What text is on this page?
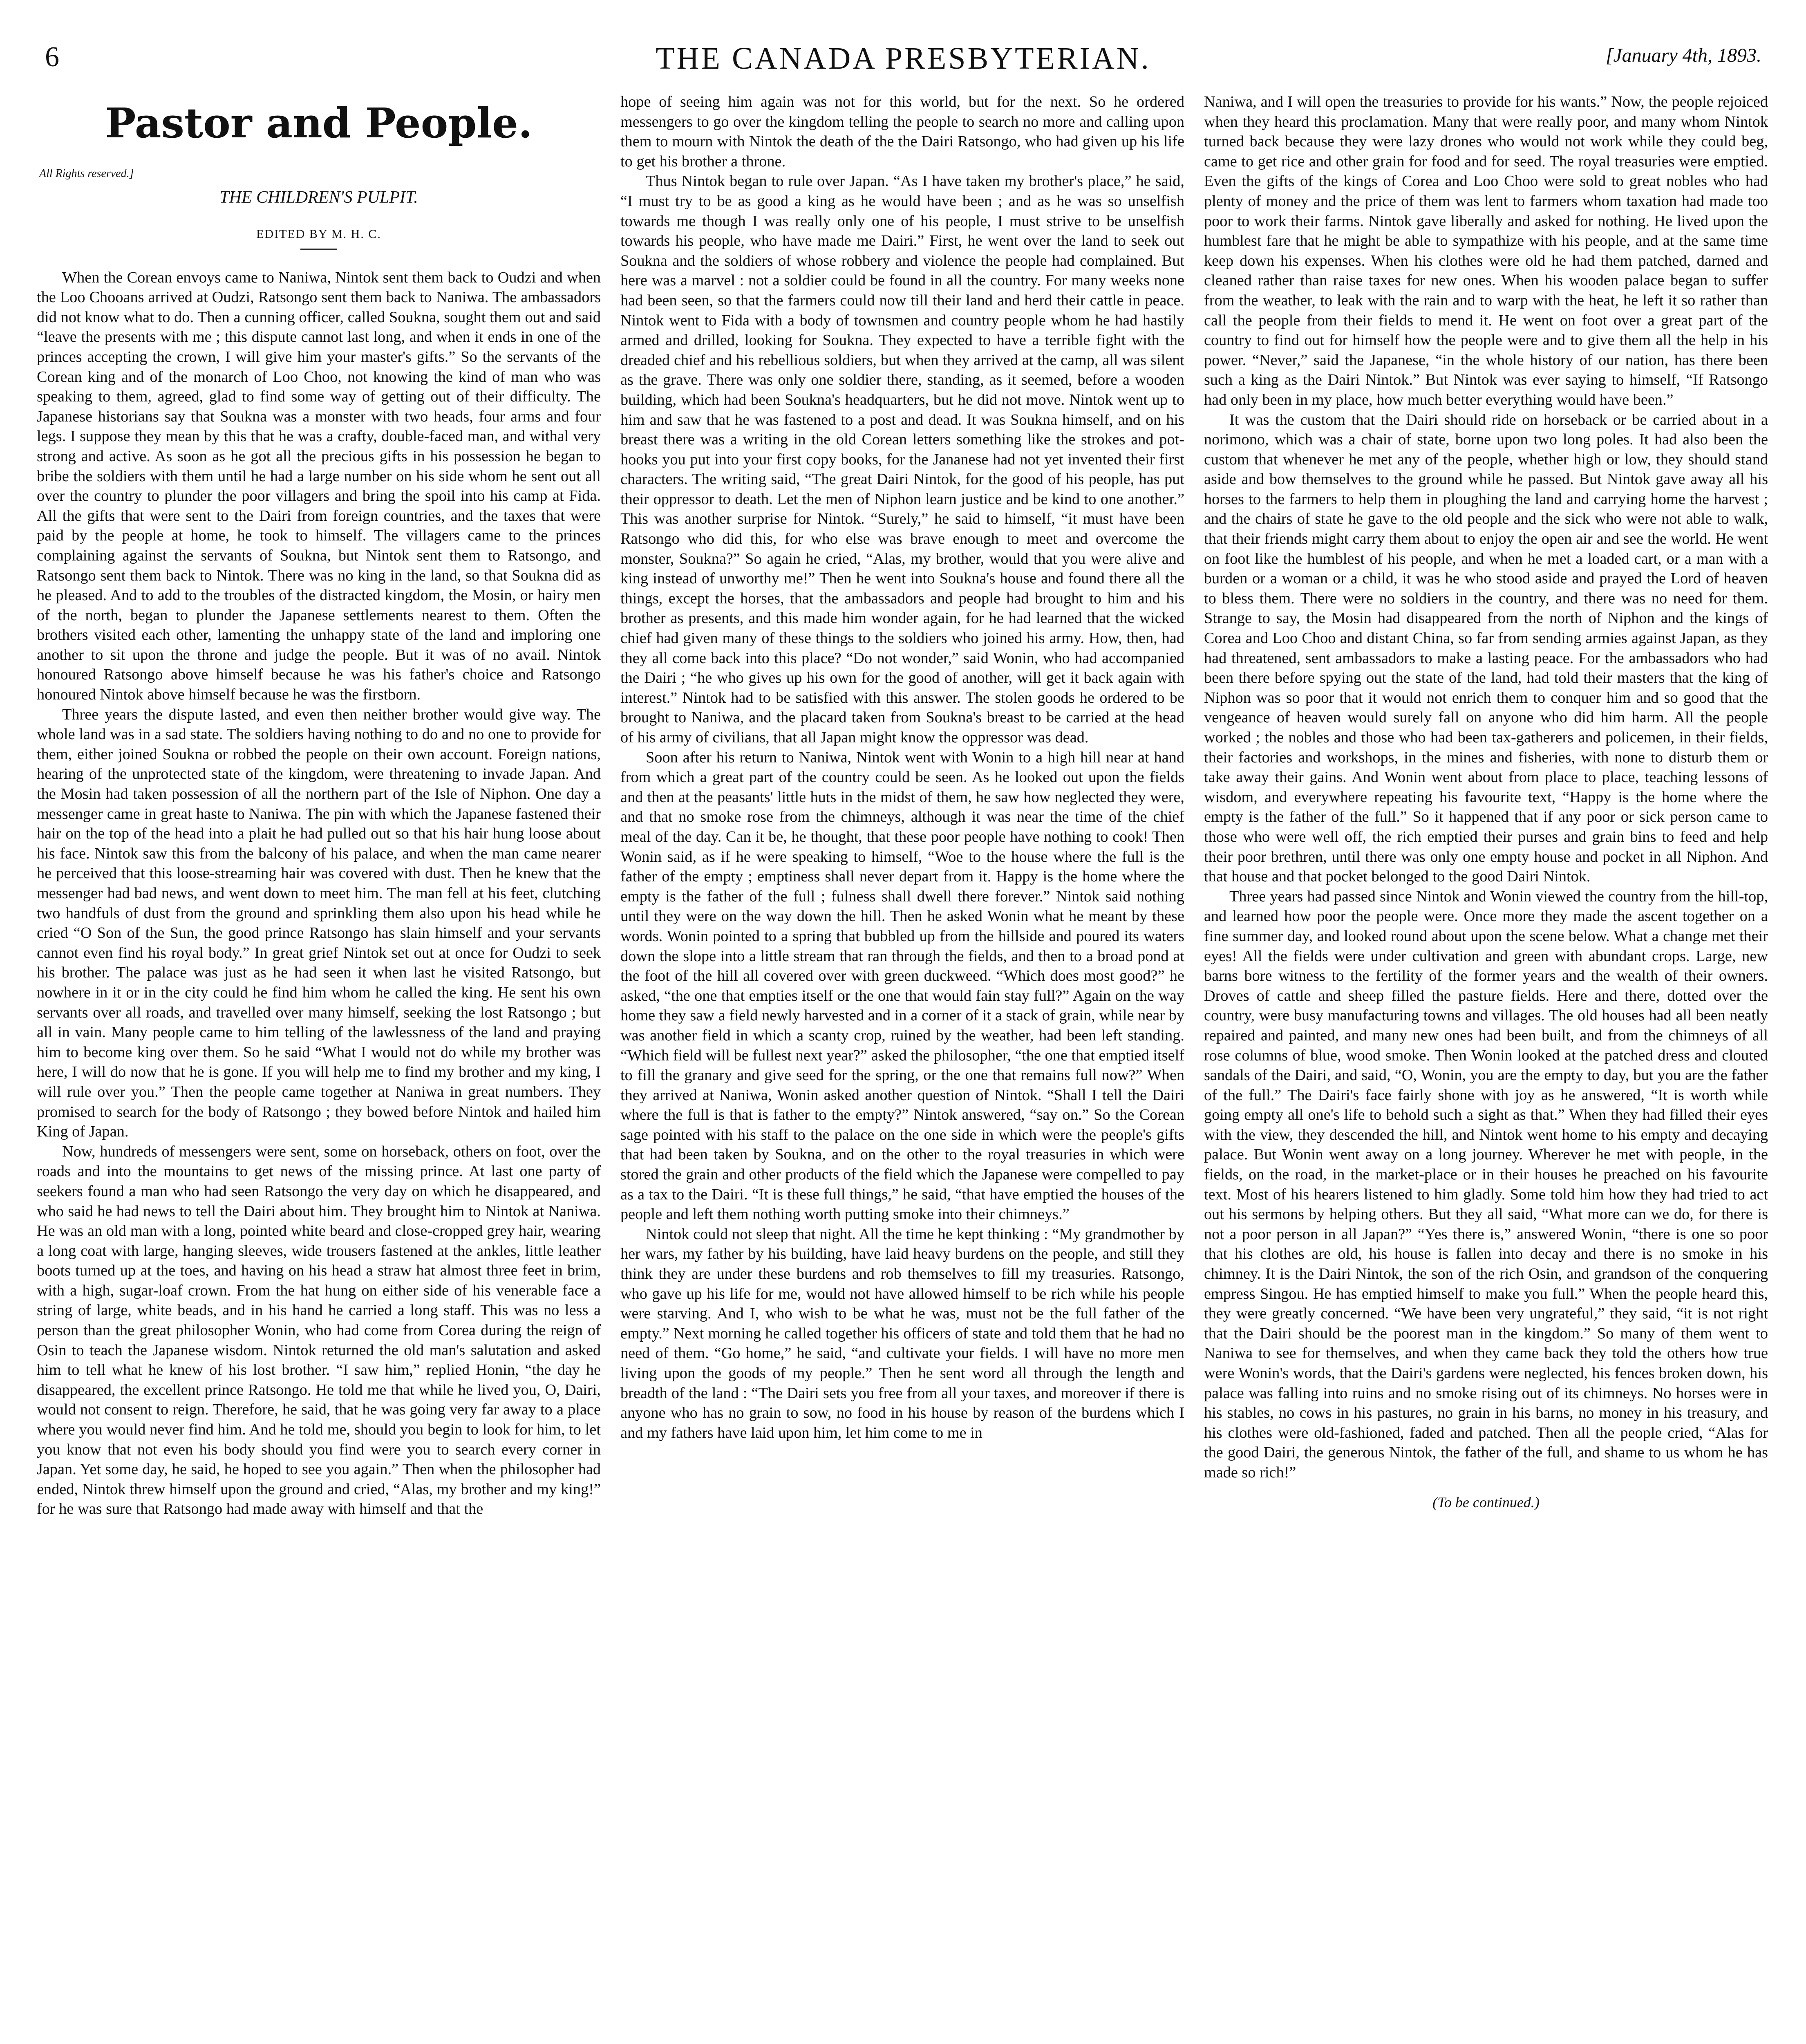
6	THE CANADA PRESBYTERIAN.	[January 4th, 1893.
Pastor and People.
All Rights reserved.]
THE CHILDREN'S PULPIT.
EDITED BY M. H. C.

When the Corean envoys came to Naniwa, Nintok sent them back to Oudzi and when the Loo Chooans arrived at Oudzi, Ratsongo sent them back to Naniwa. The ambassadors did not know what to do. Then a cunning officer, called Soukna, sought them out and said “leave the presents with me ; this dispute cannot last long, and when it ends in one of the princes accepting the crown, I will give him your master's gifts.” So the servants of the Corean king and of the monarch of Loo Choo, not knowing the kind of man who was speaking to them, agreed, glad to find some way of getting out of their difficulty. The Japanese historians say that Soukna was a monster with two heads, four arms and four legs. I suppose they mean by this that he was a crafty, double-faced man, and withal very strong and active. As soon as he got all the precious gifts in his possession he began to bribe the soldiers with them until he had a large number on his side whom he sent out all over the country to plunder the poor villagers and bring the spoil into his camp at Fida. All the gifts that were sent to the Dairi from foreign countries, and the taxes that were paid by the people at home, he took to himself. The villagers came to the princes complaining against the servants of Soukna, but Nintok sent them to Ratsongo, and Ratsongo sent them back to Nintok. There was no king in the land, so that Soukna did as he pleased. And to add to the troubles of the distracted kingdom, the Mosin, or hairy men of the north, began to plunder the Japanese settlements nearest to them. Often the brothers visited each other, lamenting the unhappy state of the land and imploring one another to sit upon the throne and judge the people. But it was of no avail. Nintok honoured Ratsongo above himself because he was his father's choice and Ratsongo honoured Nintok above himself because he was the firstborn.

Three years the dispute lasted, and even then neither brother would give way. The whole land was in a sad state. The soldiers having nothing to do and no one to provide for them, either joined Soukna or robbed the people on their own account. Foreign nations, hearing of the unprotected state of the kingdom, were threatening to invade Japan. And the Mosin had taken possession of all the northern part of the Isle of Niphon. One day a messenger came in great haste to Naniwa. The pin with which the Japanese fastened their hair on the top of the head into a plait he had pulled out so that his hair hung loose about his face. Nintok saw this from the balcony of his palace, and when the man came nearer he perceived that this loose-streaming hair was covered with dust. Then he knew that the messenger had bad news, and went down to meet him. The man fell at his feet, clutching two handfuls of dust from the ground and sprinkling them also upon his head while he cried “O Son of the Sun, the good prince Ratsongo has slain himself and your servants cannot even find his royal body.” In great grief Nintok set out at once for Oudzi to seek his brother. The palace was just as he had seen it when last he visited Ratsongo, but nowhere in it or in the city could he find him whom he called the king. He sent his own servants over all roads, and travelled over many himself, seeking the lost Ratsongo ; but all in vain. Many people came to him telling of the lawlessness of the land and praying him to become king over them. So he said “What I would not do while my brother was here, I will do now that he is gone. If you will help me to find my brother and my king, I will rule over you.” Then the people came together at Naniwa in great numbers. They promised to search for the body of Ratsongo ; they bowed before Nintok and hailed him King of Japan.

Now, hundreds of messengers were sent, some on horseback, others on foot, over the roads and into the mountains to get news of the missing prince. At last one party of seekers found a man who had seen Ratsongo the very day on which he disappeared, and who said he had news to tell the Dairi about him. They brought him to Nintok at Naniwa. He was an old man with a long, pointed white beard and close-cropped grey hair, wearing a long coat with large, hanging sleeves, wide trousers fastened at the ankles, little leather boots turned up at the toes, and having on his head a straw hat almost three feet in brim, with a high, sugar-loaf crown. From the hat hung on either side of his venerable face a string of large, white beads, and in his hand he carried a long staff. This was no less a person than the great philosopher Wonin, who had come from Corea during the reign of Osin to teach the Japanese wisdom. Nintok returned the old man's salutation and asked him to tell what he knew of his lost brother. “I saw him,” replied Honin, “the day he disappeared, the excellent prince Ratsongo. He told me that while he lived you, O, Dairi, would not consent to reign. Therefore, he said, that he was going very far away to a place where you would never find him. And he told me, should you begin to look for him, to let you know that not even his body should you find were you to search every corner in Japan. Yet some day, he said, he hoped to see you again.” Then when the philosopher had ended, Nintok threw himself upon the ground and cried, “Alas, my brother and my king!” for he was sure that Ratsongo had made away with himself and that the

hope of seeing him again was not for this world, but for the next. So he ordered messengers to go over the kingdom telling the people to search no more and calling upon them to mourn with Nintok the death of the the Dairi Ratsongo, who had given up his life to get his brother a throne.

Thus Nintok began to rule over Japan. “As I have taken my brother's place,” he said, “I must try to be as good a king as he would have been ; and as he was so unselfish towards me though I was really only one of his people, I must strive to be unselfish towards his people, who have made me Dairi.” First, he went over the land to seek out Soukna and the soldiers of whose robbery and violence the people had complained. But here was a marvel : not a soldier could be found in all the country. For many weeks none had been seen, so that the farmers could now till their land and herd their cattle in peace. Nintok went to Fida with a body of townsmen and country people whom he had hastily armed and drilled, looking for Soukna. They expected to have a terrible fight with the dreaded chief and his rebellious soldiers, but when they arrived at the camp, all was silent as the grave. There was only one soldier there, standing, as it seemed, before a wooden building, which had been Soukna's headquarters, but he did not move. Nintok went up to him and saw that he was fastened to a post and dead. It was Soukna himself, and on his breast there was a writing in the old Corean letters something like the strokes and pot-hooks you put into your first copy books, for the Jananese had not yet invented their first characters. The writing said, “The great Dairi Nintok, for the good of his people, has put their oppressor to death. Let the men of Niphon learn justice and be kind to one another.” This was another surprise for Nintok. “Surely,” he said to himself, “it must have been Ratsongo who did this, for who else was brave enough to meet and overcome the monster, Soukna?” So again he cried, “Alas, my brother, would that you were alive and king instead of unworthy me!” Then he went into Soukna's house and found there all the things, except the horses, that the ambassadors and people had brought to him and his brother as presents, and this made him wonder again, for he had learned that the wicked chief had given many of these things to the soldiers who joined his army. How, then, had they all come back into this place? “Do not wonder,” said Wonin, who had accompanied the Dairi ; “he who gives up his own for the good of another, will get it back again with interest.” Nintok had to be satisfied with this answer. The stolen goods he ordered to be brought to Naniwa, and the placard taken from Soukna's breast to be carried at the head of his army of civilians, that all Japan might know the oppressor was dead.

Soon after his return to Naniwa, Nintok went with Wonin to a high hill near at hand from which a great part of the country could be seen. As he looked out upon the fields and then at the peasants' little huts in the midst of them, he saw how neglected they were, and that no smoke rose from the chimneys, although it was near the time of the chief meal of the day. Can it be, he thought, that these poor people have nothing to cook! Then Wonin said, as if he were speaking to himself, “Woe to the house where the full is the father of the empty ; emptiness shall never depart from it. Happy is the home where the empty is the father of the full ; fulness shall dwell there forever.” Nintok said nothing until they were on the way down the hill. Then he asked Wonin what he meant by these words. Wonin pointed to a spring that bubbled up from the hillside and poured its waters down the slope into a little stream that ran through the fields, and then to a broad pond at the foot of the hill all covered over with green duckweed. “Which does most good?” he asked, “the one that empties itself or the one that would fain stay full?” Again on the way home they saw a field newly harvested and in a corner of it a stack of grain, while near by was another field in which a scanty crop, ruined by the weather, had been left standing. “Which field will be fullest next year?” asked the philosopher, “the one that emptied itself to fill the granary and give seed for the spring, or the one that remains full now?” When they arrived at Naniwa, Wonin asked another question of Nintok. “Shall I tell the Dairi where the full is that is father to the empty?” Nintok answered, “say on.” So the Corean sage pointed with his staff to the palace on the one side in which were the people's gifts that had been taken by Soukna, and on the other to the royal treasuries in which were stored the grain and other products of the field which the Japanese were compelled to pay as a tax to the Dairi. “It is these full things,” he said, “that have emptied the houses of the people and left them nothing worth putting smoke into their chimneys.”

Nintok could not sleep that night. All the time he kept thinking : “My grandmother by her wars, my father by his building, have laid heavy burdens on the people, and still they think they are under these burdens and rob themselves to fill my treasuries. Ratsongo, who gave up his life for me, would not have allowed himself to be rich while his people were starving. And I, who wish to be what he was, must not be the full father of the empty.” Next morning he called together his officers of state and told them that he had no need of them. “Go home,” he said, “and cultivate your fields. I will have no more men living upon the goods of my people.” Then he sent word all through the length and breadth of the land : “The Dairi sets you free from all your taxes, and moreover if there is anyone who has no grain to sow, no food in his house by reason of the burdens which I and my fathers have laid upon him, let him come to me in

Naniwa, and I will open the treasuries to provide for his wants.” Now, the people rejoiced when they heard this proclamation. Many that were really poor, and many whom Nintok turned back because they were lazy drones who would not work while they could beg, came to get rice and other grain for food and for seed. The royal treasuries were emptied. Even the gifts of the kings of Corea and Loo Choo were sold to great nobles who had plenty of money and the price of them was lent to farmers whom taxation had made too poor to work their farms. Nintok gave liberally and asked for nothing. He lived upon the humblest fare that he might be able to sympathize with his people, and at the same time keep down his expenses. When his clothes were old he had them patched, darned and cleaned rather than raise taxes for new ones. When his wooden palace began to suffer from the weather, to leak with the rain and to warp with the heat, he left it so rather than call the people from their fields to mend it. He went on foot over a great part of the country to find out for himself how the people were and to give them all the help in his power. “Never,” said the Japanese, “in the whole history of our nation, has there been such a king as the Dairi Nintok.” But Nintok was ever saying to himself, “If Ratsongo had only been in my place, how much better everything would have been.”

It was the custom that the Dairi should ride on horseback or be carried about in a norimono, which was a chair of state, borne upon two long poles. It had also been the custom that whenever he met any of the people, whether high or low, they should stand aside and bow themselves to the ground while he passed. But Nintok gave away all his horses to the farmers to help them in ploughing the land and carrying home the harvest ; and the chairs of state he gave to the old people and the sick who were not able to walk, that their friends might carry them about to enjoy the open air and see the world. He went on foot like the humblest of his people, and when he met a loaded cart, or a man with a burden or a woman or a child, it was he who stood aside and prayed the Lord of heaven to bless them. There were no soldiers in the country, and there was no need for them. Strange to say, the Mosin had disappeared from the north of Niphon and the kings of Corea and Loo Choo and distant China, so far from sending armies against Japan, as they had threatened, sent ambassadors to make a lasting peace. For the ambassadors who had been there before spying out the state of the land, had told their masters that the king of Niphon was so poor that it would not enrich them to conquer him and so good that the vengeance of heaven would surely fall on anyone who did him harm. All the people worked ; the nobles and those who had been tax-gatherers and policemen, in their fields, their factories and workshops, in the mines and fisheries, with none to disturb them or take away their gains. And Wonin went about from place to place, teaching lessons of wisdom, and everywhere repeating his favourite text, “Happy is the home where the empty is the father of the full.” So it happened that if any poor or sick person came to those who were well off, the rich emptied their purses and grain bins to feed and help their poor brethren, until there was only one empty house and pocket in all Niphon. And that house and that pocket belonged to the good Dairi Nintok.

Three years had passed since Nintok and Wonin viewed the country from the hill-top, and learned how poor the people were. Once more they made the ascent together on a fine summer day, and looked round about upon the scene below. What a change met their eyes! All the fields were under cultivation and green with abundant crops. Large, new barns bore witness to the fertility of the former years and the wealth of their owners. Droves of cattle and sheep filled the pasture fields. Here and there, dotted over the country, were busy manufacturing towns and villages. The old houses had all been neatly repaired and painted, and many new ones had been built, and from the chimneys of all rose columns of blue, wood smoke. Then Wonin looked at the patched dress and clouted sandals of the Dairi, and said, “O, Wonin, you are the empty to day, but you are the father of the full.” The Dairi's face fairly shone with joy as he answered, “It is worth while going empty all one's life to behold such a sight as that.” When they had filled their eyes with the view, they descended the hill, and Nintok went home to his empty and decaying palace. But Wonin went away on a long journey. Wherever he met with people, in the fields, on the road, in the market-place or in their houses he preached on his favourite text. Most of his hearers listened to him gladly. Some told him how they had tried to act out his sermons by helping others. But they all said, “What more can we do, for there is not a poor person in all Japan?” “Yes there is,” answered Wonin, “there is one so poor that his clothes are old, his house is fallen into decay and there is no smoke in his chimney. It is the Dairi Nintok, the son of the rich Osin, and grandson of the conquering empress Singou. He has emptied himself to make you full.” When the people heard this, they were greatly concerned. “We have been very ungrateful,” they said, “it is not right that the Dairi should be the poorest man in the kingdom.” So many of them went to Naniwa to see for themselves, and when they came back they told the others how true were Wonin's words, that the Dairi's gardens were neglected, his fences broken down, his palace was falling into ruins and no smoke rising out of its chimneys. No horses were in his stables, no cows in his pastures, no grain in his barns, no money in his treasury, and his clothes were old-fashioned, faded and patched. Then all the people cried, “Alas for the good Dairi, the generous Nintok, the father of the full, and shame to us whom he has made so rich!”

(To be continued.)
